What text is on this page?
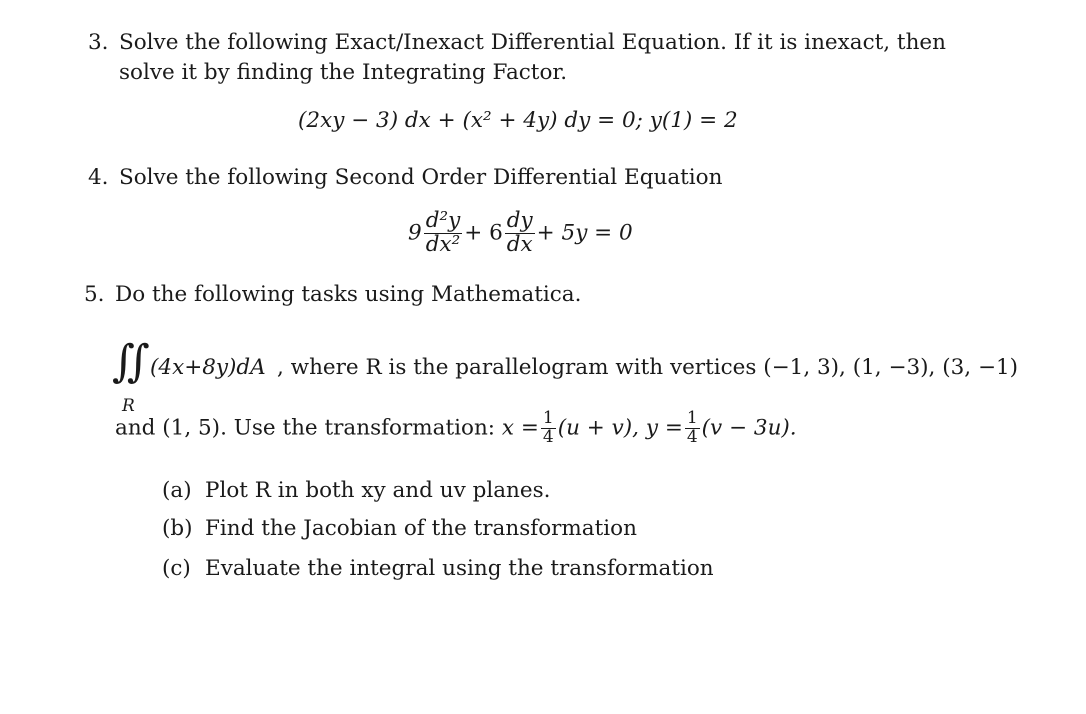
3. Solve the following Exact/Inexact Differential Equation. If it is inexact, then
solve it by finding the Integrating Factor.
(2xy − 3) dx + (x² + 4y) dy = 0; y(1) = 2
4. Solve the following Second Order Differential Equation
$9 \frac{\text{d²y}}{\text{dx²}} + 6 \frac{dy}{dx} + 5y = 0$
5. Do the following tasks using Mathematica.
∫∫
R
(4x+8y)dA , where R is the parallelogram with vertices (−1, 3), (1, −3), (3, −1)
and (1, 5). Use the transformation: $x = \frac{1}{4} (u + v)$, $y = \frac{1}{4} (v - 3u)$.
(a) Plot R in both xy and uv planes.
(b) Find the Jacobian of the transformation
(c) Evaluate the integral using the transformation
